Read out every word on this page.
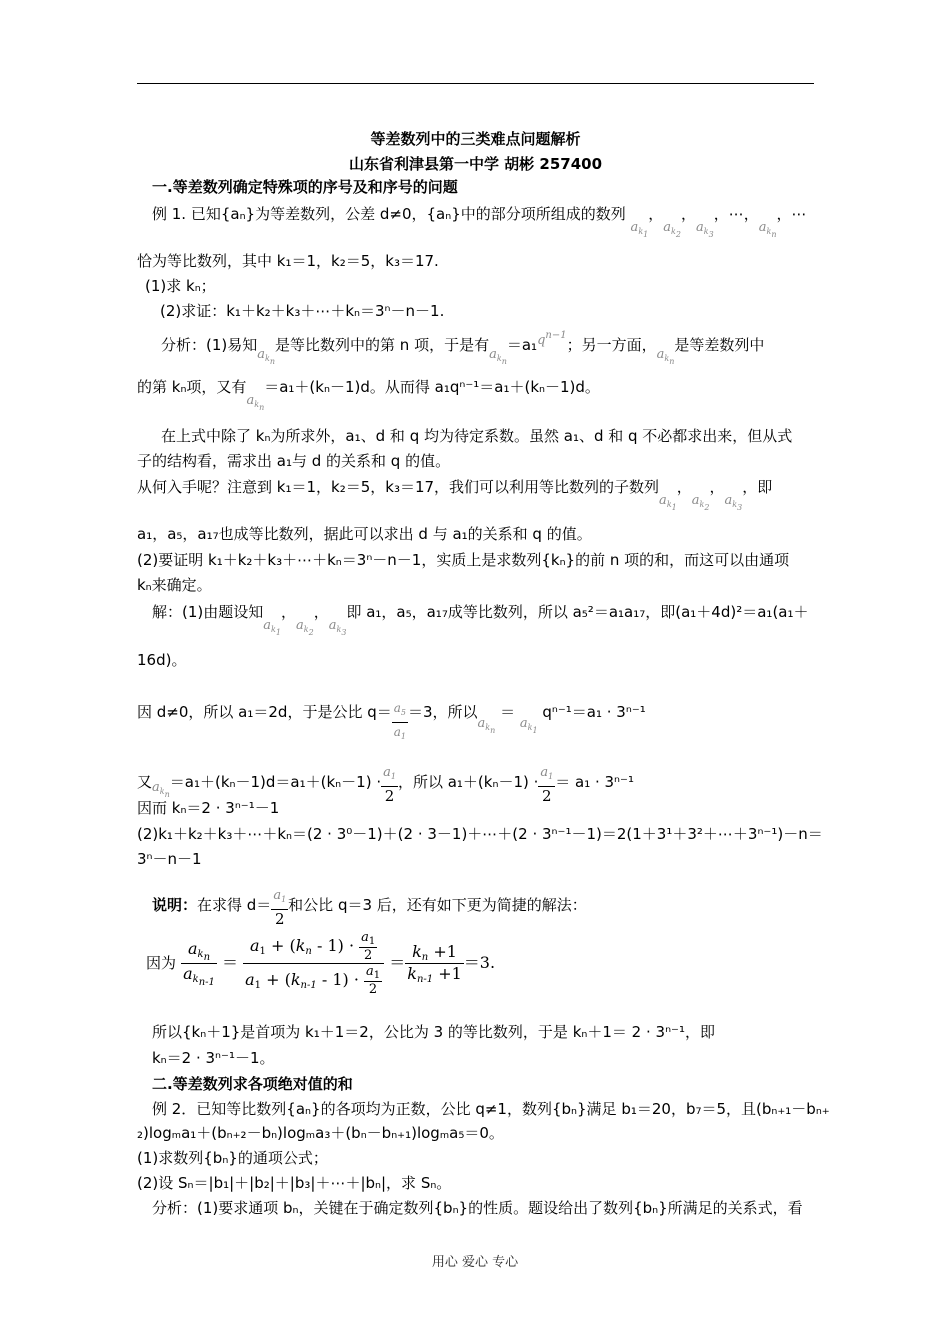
等差数列中的三类难点问题解析
山东省利津县第一中学 胡彬 257400
一.等差数列确定特殊项的序号及和序号的问题
例 1. 已知{aₙ}为等差数列，公差 d≠0，{aₙ}中的部分项所组成的数列 $a_{k_1}$，$a_{k_2}$，$a_{k_3}$，⋯，$a_{k_n}$，⋯
恰为等比数列，其中 k₁＝1，k₂＝5，k₃＝17.
(1)求 kₙ；
(2)求证：k₁＋k₂＋k₃＋⋯＋kₙ＝3ⁿ－n－1.
分析：(1)易知$a_{k_n}$是等比数列中的第 n 项，于是有$a_{k_n}=a_1q^{n-1}$；另一方面，$a_{k_n}$是等差数列中
的第 kₙ项，又有$a_{k_n}=a_1+(k_n-1)d$。从而得 a₁qⁿ⁻¹＝a₁＋(kₙ－1)d。
在上式中除了 kₙ为所求外，a₁、d 和 q 均为待定系数。虽然 a₁、d 和 q 不必都求出来，但从式
子的结构看，需求出 a₁与 d 的关系和 q 的值。
从何入手呢？注意到 k₁＝1，k₂＝5，k₃＝17，我们可以利用等比数列的子数列$a_{k_1}$，$a_{k_2}$，$a_{k_3}$，即
a₁，a₅，a₁₇也成等比数列，据此可以求出 d 与 a₁的关系和 q 的值。
(2)要证明 k₁＋k₂＋k₃＋⋯＋kₙ＝3ⁿ－n－1，实质上是求数列{kₙ}的前 n 项的和，而这可以由通项
kₙ来确定。
解：(1)由题设知$a_{k_1}$，$a_{k_2}$，$a_{k_3}$即 a₁，a₅，a₁₇成等比数列，所以 a₅²＝a₁a₁₇，即(a₁＋4d)²＝a₁(a₁＋
16d)。
因 d≠0，所以 a₁＝2d，于是公比 $q= \frac{a_5}{a_1} =3$，所以$a_{k_n} = a_{k_1}$ qⁿ⁻¹＝a₁ · 3ⁿ⁻¹
又$a_{k_n}=a_1+(k_n-1)d=a_1+(k_n-1) \cdot \frac{a_1}{2}$ ，所以 $a_1+(k_n-1) \cdot \frac{a_1}{2} = a_1 \cdot 3^{n-1}$
因而 kₙ＝2 · 3ⁿ⁻¹－1
(2)k₁＋k₂＋k₃＋⋯＋kₙ＝(2 · 3⁰－1)＋(2 · 3－1)＋⋯＋(2 · 3ⁿ⁻¹－1)＝2(1＋3¹＋3²＋⋯＋3ⁿ⁻¹)－n＝
3ⁿ－n－1
说明：在求得 $d= \frac{a_1}{2}$ 和公比 q＝3 后，还有如下更为简捷的解法：
因为 $\frac{a_{k_n}}{a_{k_{n-1}}} = \frac{a_1 + (k_n - 1) \cdot \frac{a_1}{2}}{a_1 + (k_{n-1} - 1) \cdot \frac{a_1}{2}} = \frac{k_n +1}{k_{n-1} +1} =3$.
所以{kₙ＋1}是首项为 k₁＋1＝2，公比为 3 的等比数列，于是 kₙ＋1＝ 2 · 3ⁿ⁻¹，即
kₙ＝2 · 3ⁿ⁻¹－1。
二.等差数列求各项绝对值的和
例 2．已知等比数列{aₙ}的各项均为正数，公比 q≠1，数列{bₙ}满足 b₁＝20，b₇＝5，且(bₙ₊₁－bₙ₊
₂)logₘa₁＋(bₙ₊₂－bₙ)logₘa₃＋(bₙ－bₙ₊₁)logₘa₅＝0。
(1)求数列{bₙ}的通项公式；
(2)设 Sₙ＝|b₁|＋|b₂|＋|b₃|＋⋯＋|bₙ|，求 Sₙ。
分析：(1)要求通项 bₙ，关键在于确定数列{bₙ}的性质。题设给出了数列{bₙ}所满足的关系式，看
用心 爱心 专心
